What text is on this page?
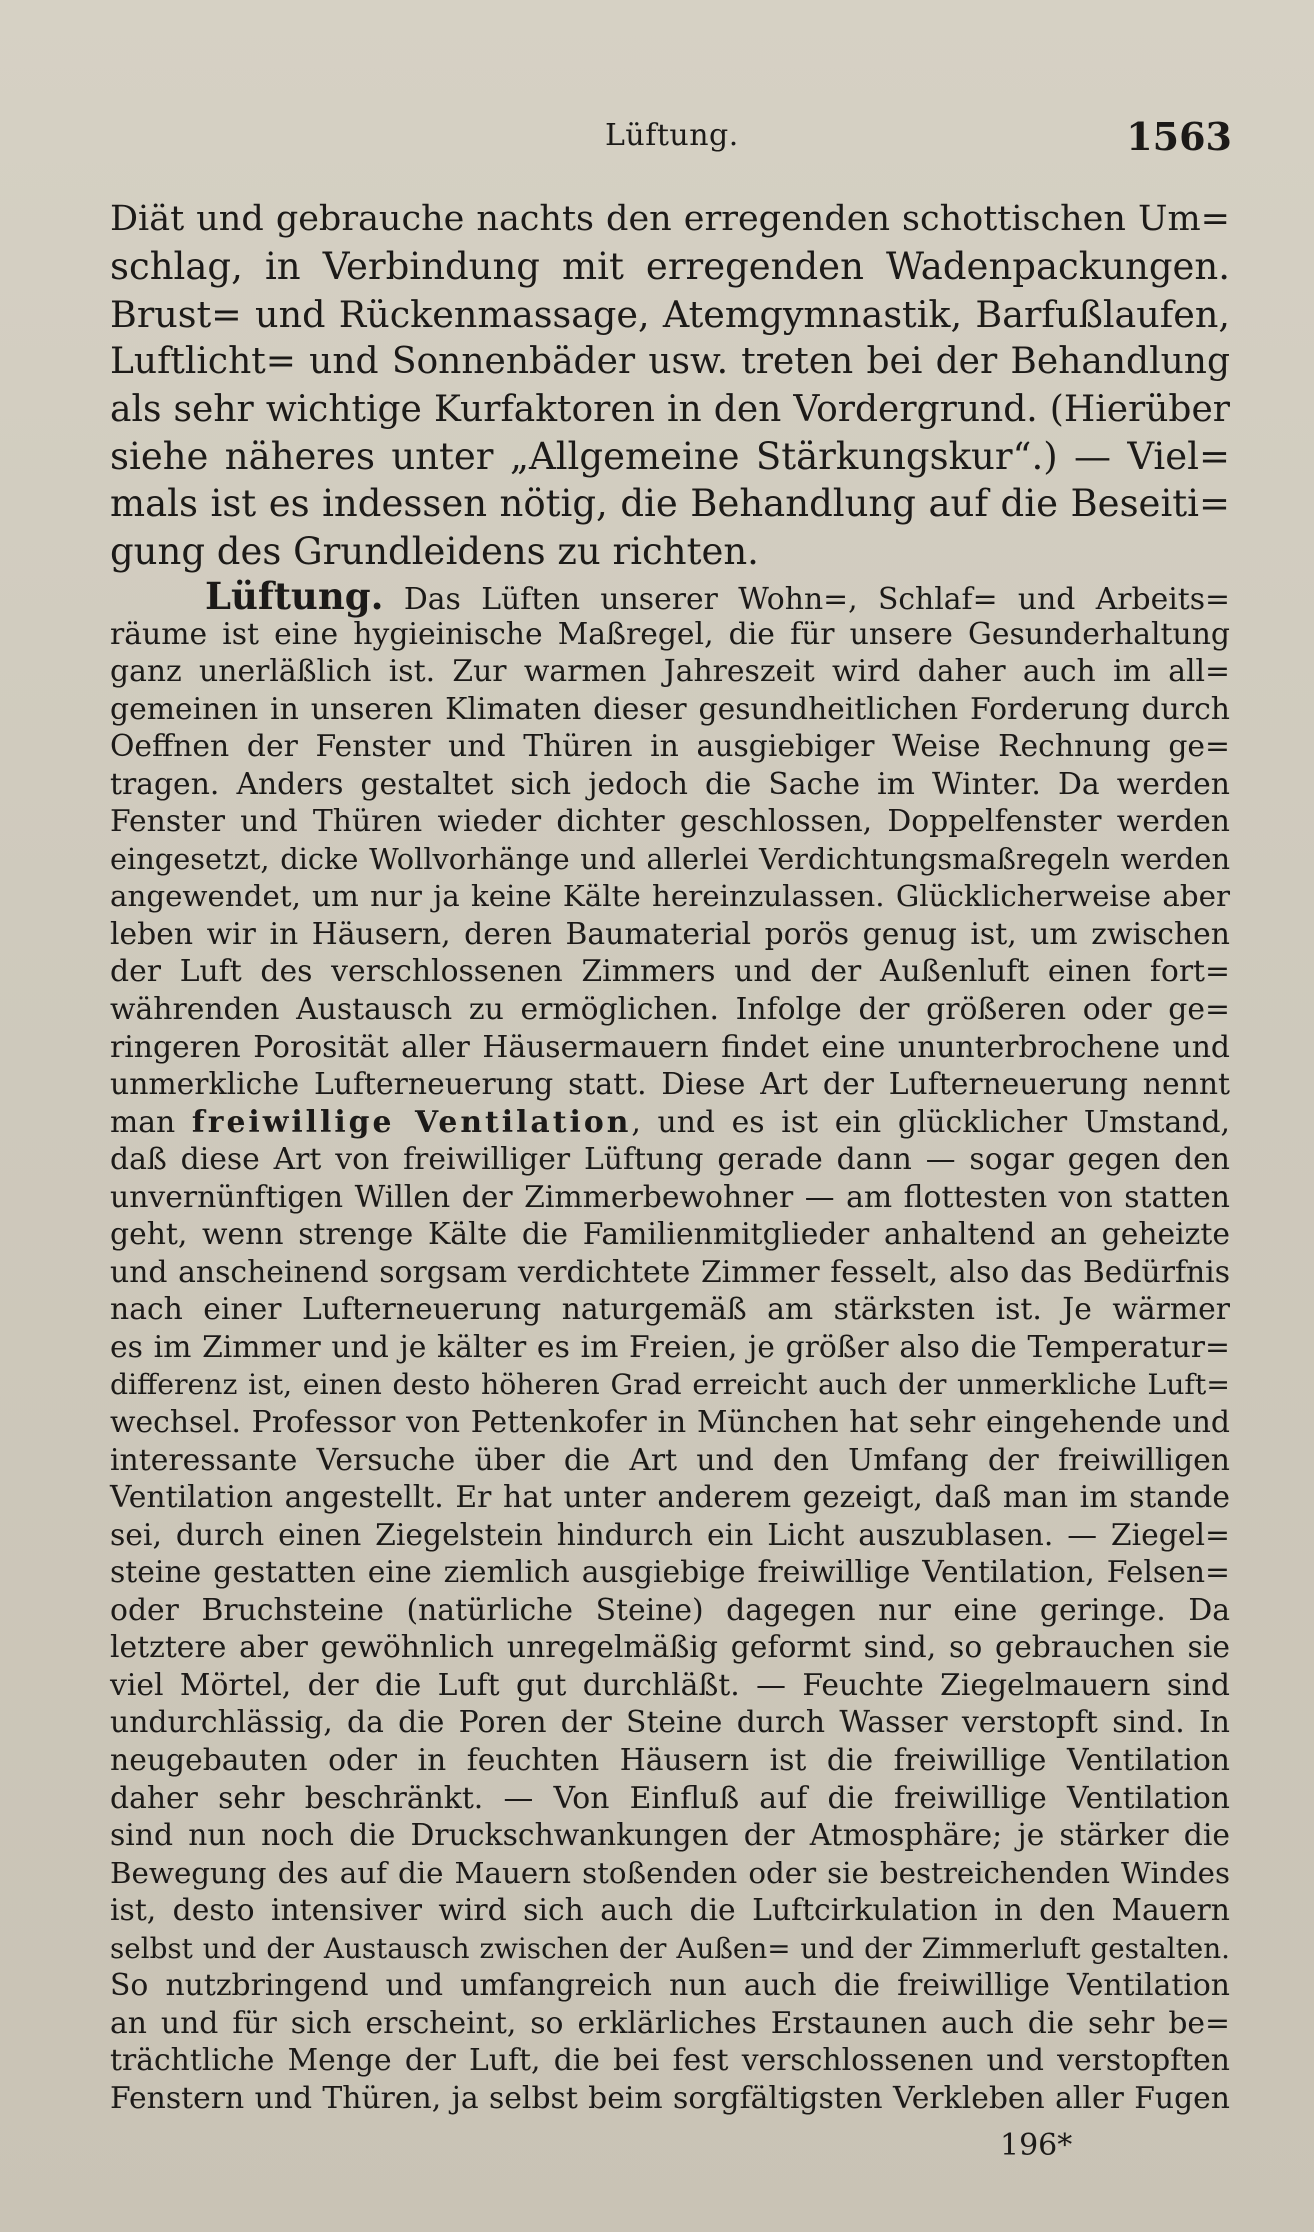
Lüftung.	1563
Diät und gebrauche nachts den erregenden schottischen Um=
schlag, in Verbindung mit erregenden Wadenpackungen.
Brust= und Rückenmassage, Atemgymnastik, Barfußlaufen,
Luftlicht= und Sonnenbäder usw. treten bei der Behandlung
als sehr wichtige Kurfaktoren in den Vordergrund. (Hierüber
siehe näheres unter „Allgemeine Stärkungskur“.) — Viel=
mals ist es indessen nötig, die Behandlung auf die Beseiti=
gung des Grundleidens zu richten.
Lüftung. Das Lüften unserer Wohn=, Schlaf= und Arbeits=
räume ist eine hygieinische Maßregel, die für unsere Gesunderhaltung
ganz unerläßlich ist. Zur warmen Jahreszeit wird daher auch im all=
gemeinen in unseren Klimaten dieser gesundheitlichen Forderung durch
Oeffnen der Fenster und Thüren in ausgiebiger Weise Rechnung ge=
tragen. Anders gestaltet sich jedoch die Sache im Winter. Da werden
Fenster und Thüren wieder dichter geschlossen, Doppelfenster werden
eingesetzt, dicke Wollvorhänge und allerlei Verdichtungsmaßregeln werden
angewendet, um nur ja keine Kälte hereinzulassen. Glücklicherweise aber
leben wir in Häusern, deren Baumaterial porös genug ist, um zwischen
der Luft des verschlossenen Zimmers und der Außenluft einen fort=
währenden Austausch zu ermöglichen. Infolge der größeren oder ge=
ringeren Porosität aller Häusermauern findet eine ununterbrochene und
unmerkliche Lufterneuerung statt. Diese Art der Lufterneuerung nennt
man freiwillige Ventilation, und es ist ein glücklicher Umstand,
daß diese Art von freiwilliger Lüftung gerade dann — sogar gegen den
unvernünftigen Willen der Zimmerbewohner — am flottesten von statten
geht, wenn strenge Kälte die Familienmitglieder anhaltend an geheizte
und anscheinend sorgsam verdichtete Zimmer fesselt, also das Bedürfnis
nach einer Lufterneuerung naturgemäß am stärksten ist. Je wärmer
es im Zimmer und je kälter es im Freien, je größer also die Temperatur=
differenz ist, einen desto höheren Grad erreicht auch der unmerkliche Luft=
wechsel. Professor von Pettenkofer in München hat sehr eingehende und
interessante Versuche über die Art und den Umfang der freiwilligen
Ventilation angestellt. Er hat unter anderem gezeigt, daß man im stande
sei, durch einen Ziegelstein hindurch ein Licht auszublasen. — Ziegel=
steine gestatten eine ziemlich ausgiebige freiwillige Ventilation, Felsen=
oder Bruchsteine (natürliche Steine) dagegen nur eine geringe. Da
letztere aber gewöhnlich unregelmäßig geformt sind, so gebrauchen sie
viel Mörtel, der die Luft gut durchläßt. — Feuchte Ziegelmauern sind
undurchlässig, da die Poren der Steine durch Wasser verstopft sind. In
neugebauten oder in feuchten Häusern ist die freiwillige Ventilation
daher sehr beschränkt. — Von Einfluß auf die freiwillige Ventilation
sind nun noch die Druckschwankungen der Atmosphäre; je stärker die
Bewegung des auf die Mauern stoßenden oder sie bestreichenden Windes
ist, desto intensiver wird sich auch die Luftcirkulation in den Mauern
selbst und der Austausch zwischen der Außen= und der Zimmerluft gestalten.
So nutzbringend und umfangreich nun auch die freiwillige Ventilation
an und für sich erscheint, so erklärliches Erstaunen auch die sehr be=
trächtliche Menge der Luft, die bei fest verschlossenen und verstopften
Fenstern und Thüren, ja selbst beim sorgfältigsten Verkleben aller Fugen
196*
